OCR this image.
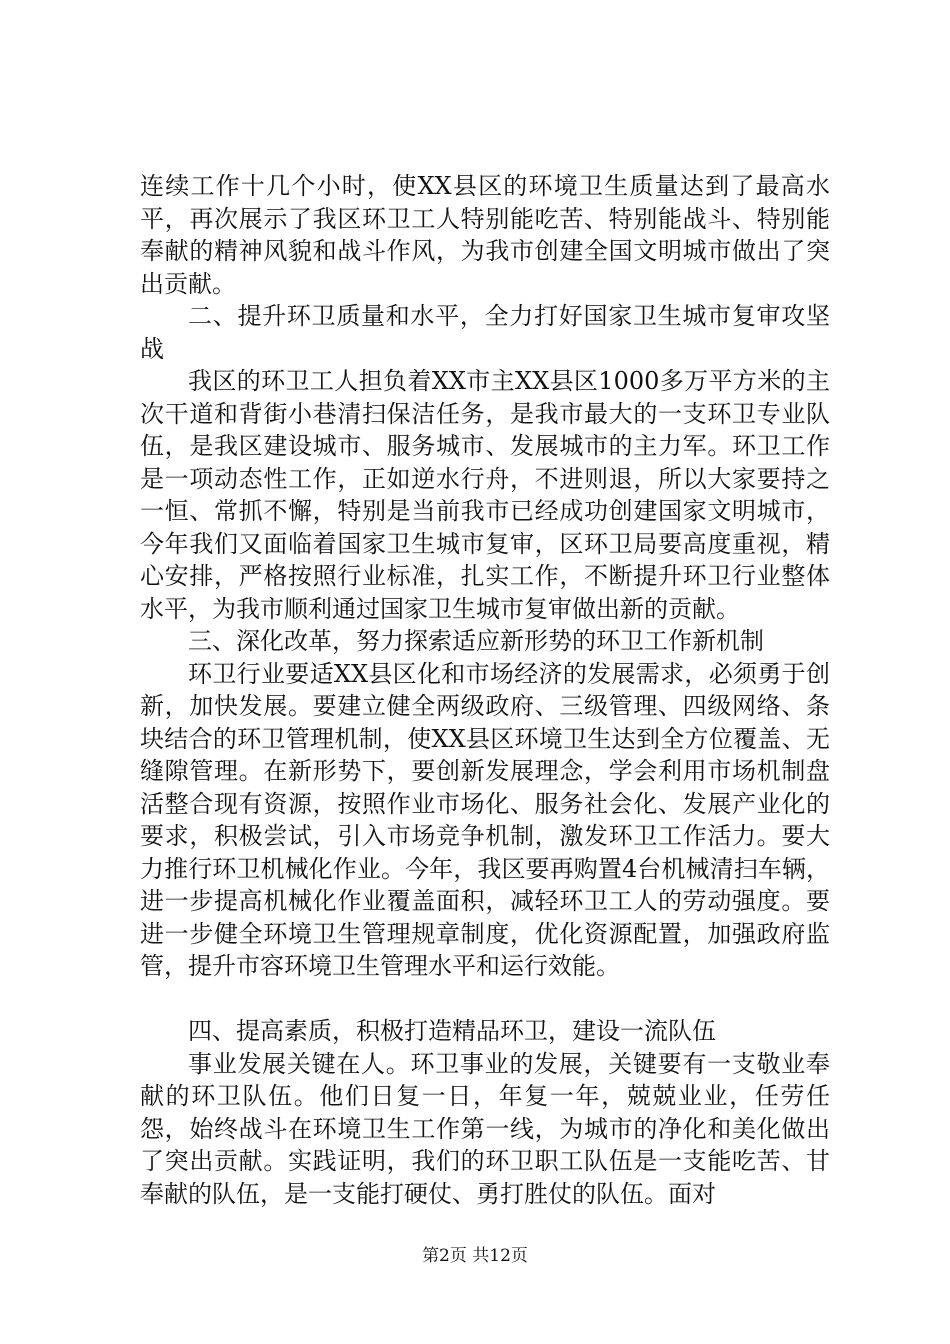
连续工作十几个小时，使XX县区的环境卫生质量达到了最高水平，再次展示了我区环卫工人特别能吃苦、特别能战斗、特别能奉献的精神风貌和战斗作风，为我市创建全国文明城市做出了突出贡献。

二、提升环卫质量和水平，全力打好国家卫生城市复审攻坚战

我区的环卫工人担负着XX市主XX县区1000多万平方米的主次干道和背街小巷清扫保洁任务，是我市最大的一支环卫专业队伍，是我区建设城市、服务城市、发展城市的主力军。环卫工作是一项动态性工作，正如逆水行舟，不进则退，所以大家要持之一恒、常抓不懈，特别是当前我市已经成功创建国家文明城市，今年我们又面临着国家卫生城市复审，区环卫局要高度重视，精心安排，严格按照行业标准，扎实工作，不断提升环卫行业整体水平，为我市顺利通过国家卫生城市复审做出新的贡献。

三、深化改革，努力探索适应新形势的环卫工作新机制

环卫行业要适XX县区化和市场经济的发展需求，必须勇于创新，加快发展。要建立健全两级政府、三级管理、四级网络、条块结合的环卫管理机制，使XX县区环境卫生达到全方位覆盖、无缝隙管理。在新形势下，要创新发展理念，学会利用市场机制盘活整合现有资源，按照作业市场化、服务社会化、发展产业化的要求，积极尝试，引入市场竞争机制，激发环卫工作活力。要大力推行环卫机械化作业。今年，我区要再购置4台机械清扫车辆，进一步提高机械化作业覆盖面积，减轻环卫工人的劳动强度。要进一步健全环境卫生管理规章制度，优化资源配置，加强政府监管，提升市容环境卫生管理水平和运行效能。

四、提高素质，积极打造精品环卫，建设一流队伍

事业发展关键在人。环卫事业的发展，关键要有一支敬业奉献的环卫队伍。他们日复一日，年复一年，兢兢业业，任劳任怨，始终战斗在环境卫生工作第一线，为城市的净化和美化做出了突出贡献。实践证明，我们的环卫职工队伍是一支能吃苦、甘奉献的队伍，是一支能打硬仗、勇打胜仗的队伍。面对

第2页 共12页
